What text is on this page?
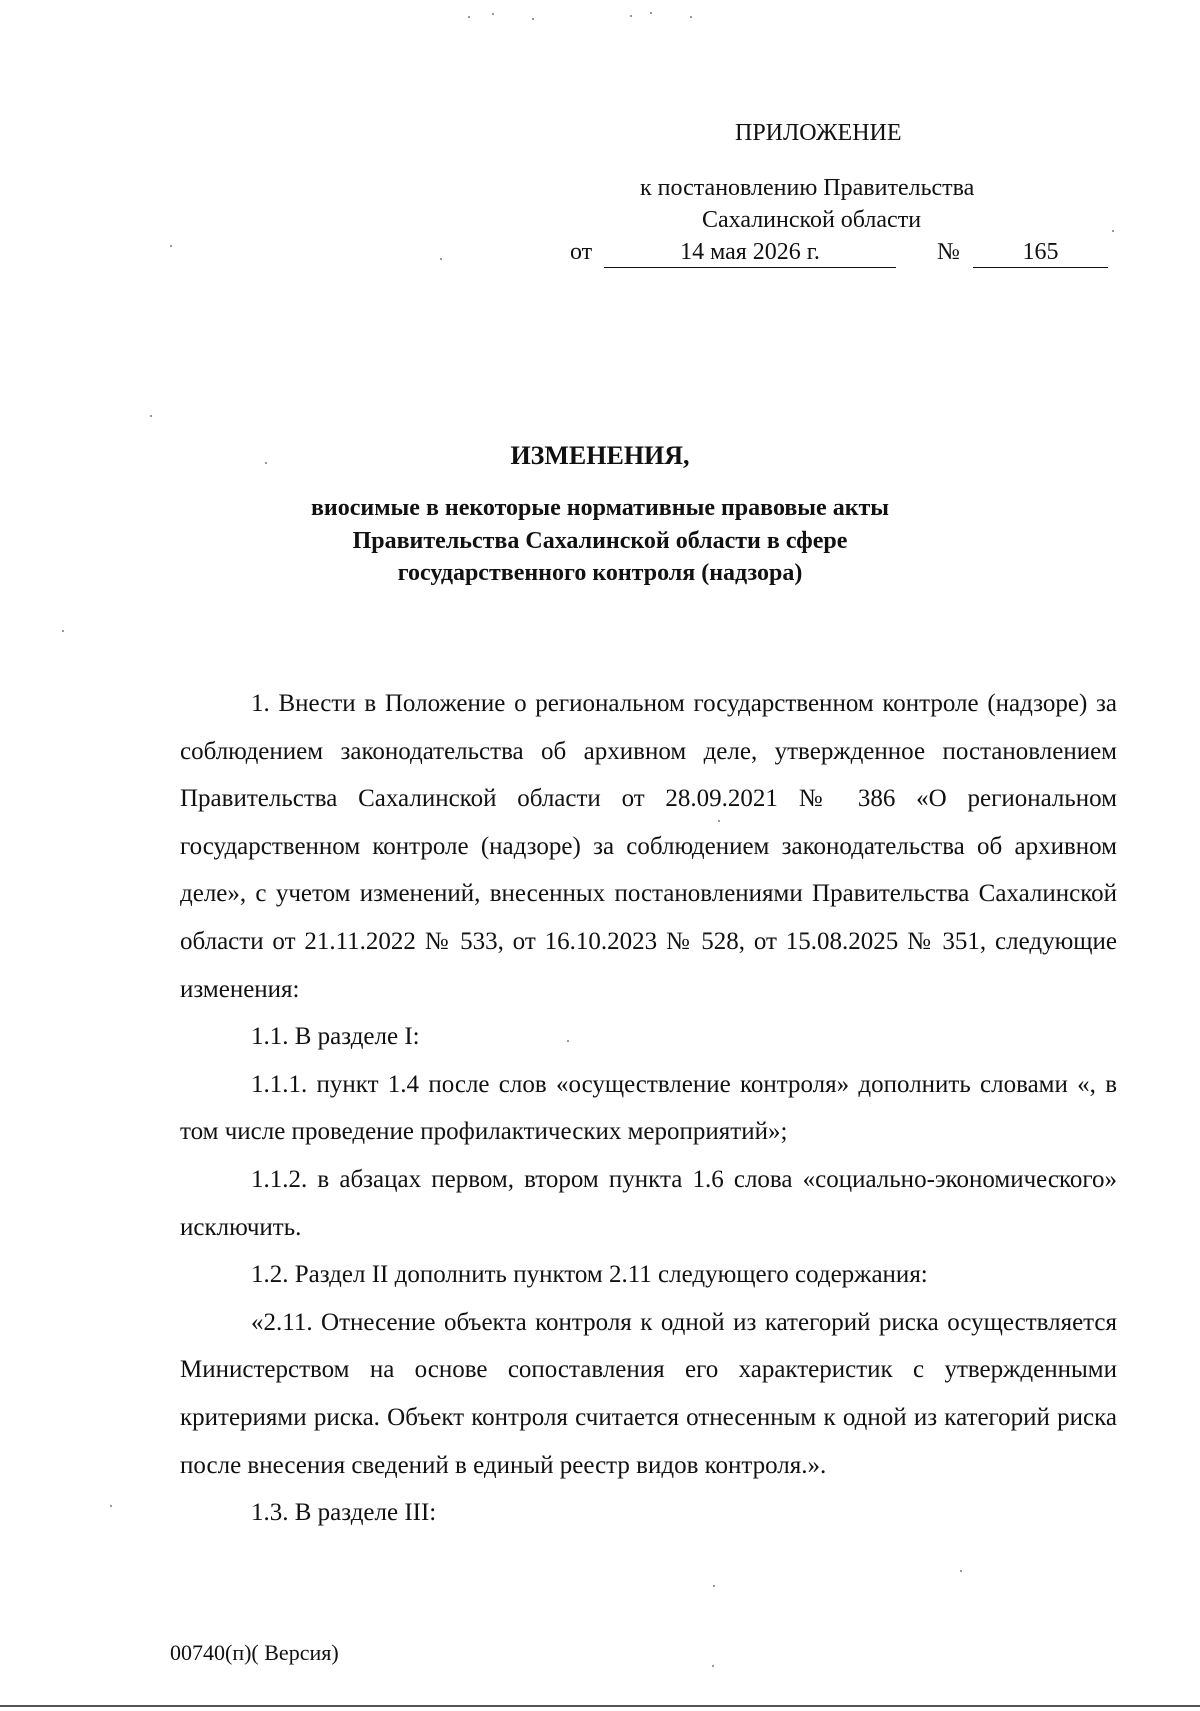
ПРИЛОЖЕНИЕ
к постановлению Правительства
Сахалинской области
от	14 мая 2026 г.	№	165
ИЗМЕНЕНИЯ,
виосимые в некоторые нормативные правовые акты
Правительства Сахалинской области в сфере
государственного контроля (надзора)

1. Внести в Положение о региональном государственном контроле (надзоре) за соблюдением законодательства об архивном деле, утвержденное постановлением Правительства Сахалинской области от 28.09.2021 № 386 «О региональном государственном контроле (надзоре) за соблюдением законодательства об архивном деле», с учетом изменений, внесенных постановлениями Правительства Сахалинской области от 21.11.2022 № 533, от 16.10.2023 № 528, от 15.08.2025 № 351, следующие изменения:

1.1. В разделе I:

1.1.1. пункт 1.4 после слов «осуществление контроля» дополнить словами «, в том числе проведение профилактических мероприятий»;

1.1.2. в абзацах первом, втором пункта 1.6 слова «социально-экономического» исключить.

1.2. Раздел II дополнить пунктом 2.11 следующего содержания:

«2.11. Отнесение объекта контроля к одной из категорий риска осуществляется Министерством на основе сопоставления его характеристик с утвержденными критериями риска. Объект контроля считается отнесенным к одной из категорий риска после внесения сведений в единый реестр видов контроля.».

1.3. В разделе III:

00740(п)( Версия)
